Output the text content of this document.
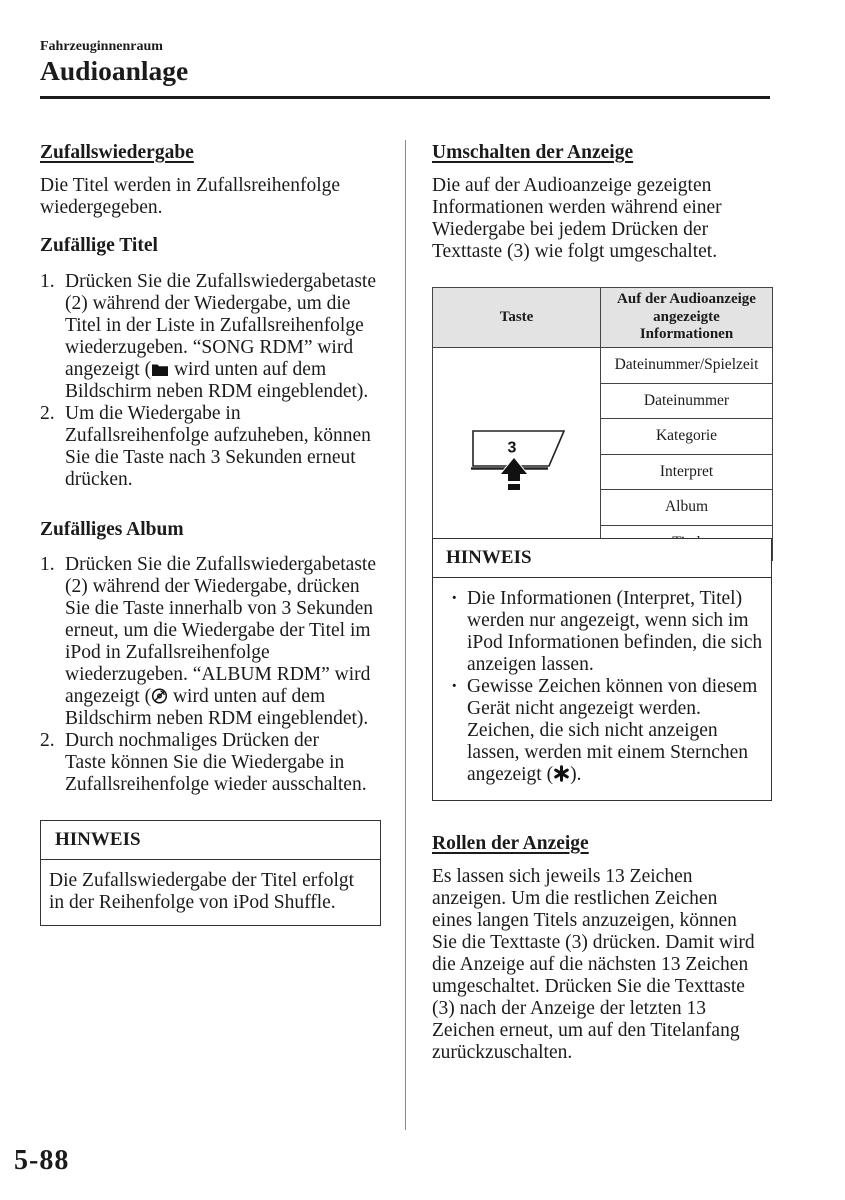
Fahrzeuginnenraum
Audioanlage
Zufallswiedergabe

Die Titel werden in Zufallsreihenfolge
wiedergegeben.

Zufällige Titel
1. Drücken Sie die Zufallswiedergabetaste
(2) während der Wiedergabe, um die
Titel in der Liste in Zufallsreihenfolge
wiederzugeben. “SONG RDM” wird
angezeigt (
wird unten auf dem
Bildschirm neben RDM eingeblendet).
2. Um die Wiedergabe in
Zufallsreihenfolge aufzuheben, können
Sie die Taste nach 3 Sekunden erneut
drücken.
Zufälliges Album
1. Drücken Sie die Zufallswiedergabetaste
(2) während der Wiedergabe, drücken
Sie die Taste innerhalb von 3 Sekunden
erneut, um die Wiedergabe der Titel im
iPod in Zufallsreihenfolge
wiederzugeben. “ALBUM RDM” wird
angezeigt (
wird unten auf dem
Bildschirm neben RDM eingeblendet).
2. Durch nochmaliges Drücken der
Taste können Sie die Wiedergabe in
Zufallsreihenfolge wieder ausschalten.
HINWEIS
Die Zufallswiedergabe der Titel erfolgt
in der Reihenfolge von iPod Shuffle.
Umschalten der Anzeige

Die auf der Audioanzeige gezeigten
Informationen werden während einer
Wiedergabe bei jedem Drücken der
Texttaste (3) wie folgt umgeschaltet.

Taste	Auf der Audioanzeige
angezeigte
Informationen

3	Dateinummer/Spielzeit
	Dateinummer
	Kategorie
	Interpret
	Album

HINWEIS
·
Die Informationen (Interpret, Titel)
werden nur angezeigt, wenn sich im
iPod Informationen befinden, die sich
anzeigen lassen.
·
Gewisse Zeichen können von diesem
Gerät nicht angezeigt werden.
Zeichen, die sich nicht anzeigen
lassen, werden mit einem Sternchen
angezeigt ( ).
Rollen der Anzeige

Es lassen sich jeweils 13 Zeichen
anzeigen. Um die restlichen Zeichen
eines langen Titels anzuzeigen, können
Sie die Texttaste (3) drücken. Damit wird
die Anzeige auf die nächsten 13 Zeichen
umgeschaltet. Drücken Sie die Texttaste
(3) nach der Anzeige der letzten 13
Zeichen erneut, um auf den Titelanfang
zurückzuschalten.

5-88
